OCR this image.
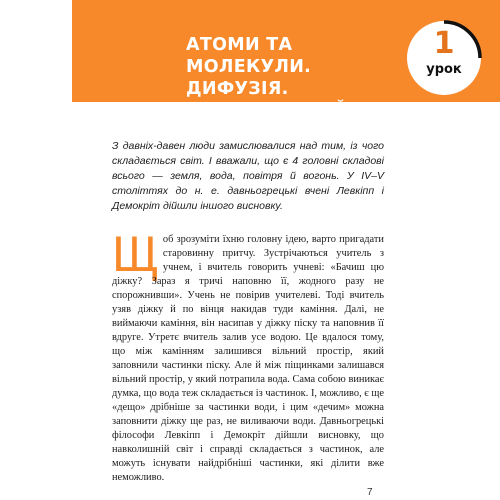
АТОМИ ТА МОЛЕКУЛИ. ДИФУЗІЯ. БРОУНІВСЬКИЙ РУХ
1
урок
З давніх-давен люди замислювалися над тим, із чого складається світ. І вважали, що є 4 головні складові всього — земля, вода, повітря й вогонь. У IV–V століттях до н. е. давньогрецькі вчені Левкіпп і Демокріт дійшли іншого висновку.
Щ об зрозуміти їхню головну ідею, варто пригадати старовинну притчу. Зустрічаються учитель з учнем, і вчитель говорить учневі: «Бачиш цю діжку? Зараз я тричі наповню її, жодного разу не спорожнивши». Учень не повірив учителеві. Тоді вчитель узяв діжку й по вінця накидав туди каміння. Далі, не виймаючи каміння, він насипав у діжку піску та наповнив її вдруге. Утретє вчитель залив усе водою. Це вдалося тому, що між камінням залишився вільний простір, який заповнили частинки піску. Але й між піщинками залишався вільний простір, у який потрапила вода. Сама собою виникає думка, що вода теж складається із частинок. І, можливо, є ще «дещо» дрібніше за частинки води, і цим «дечим» можна заповнити діжку ще раз, не виливаючи води. Давньогрецькі філософи Левкіпп і Демокріт дійшли висновку, що навколишній світ і справді складається з частинок, але можуть існувати найдрібніші частинки, які ділити вже неможливо.
7
